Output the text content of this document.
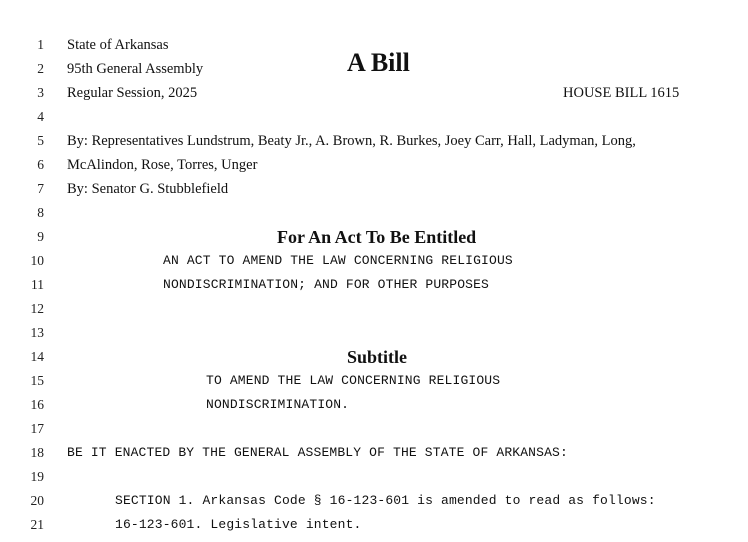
1
2
3
4
5
6
7
8
9
10
11
12
13
14
15
16
17
18
19
20
21
State of Arkansas
95th General Assembly
Regular Session, 2025
A Bill
HOUSE BILL 1615
By: Representatives Lundstrum, Beaty Jr., A. Brown, R. Burkes, Joey Carr, Hall, Ladyman, Long,
McAlindon, Rose, Torres, Unger
By: Senator G. Stubblefield
For An Act To Be Entitled
AN ACT TO AMEND THE LAW CONCERNING RELIGIOUS
NONDISCRIMINATION; AND FOR OTHER PURPOSES
Subtitle
TO AMEND THE LAW CONCERNING RELIGIOUS
NONDISCRIMINATION.
BE IT ENACTED BY THE GENERAL ASSEMBLY OF THE STATE OF ARKANSAS:
SECTION 1. Arkansas Code § 16-123-601 is amended to read as follows:
16-123-601. Legislative intent.
